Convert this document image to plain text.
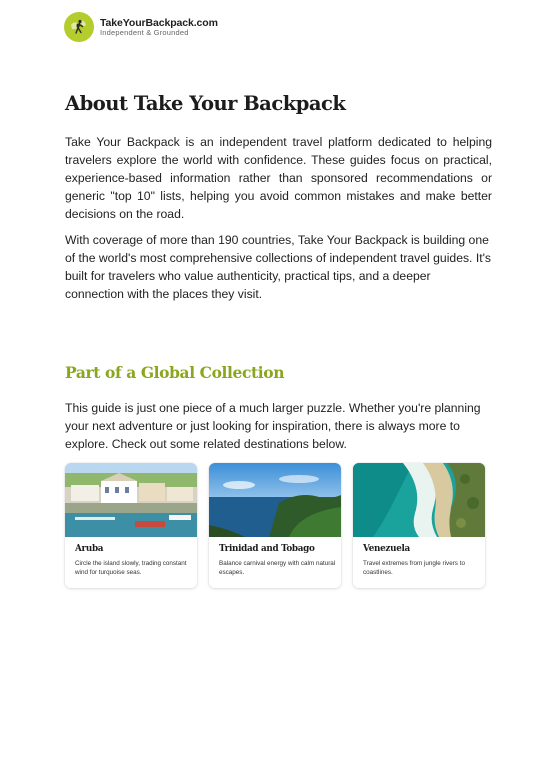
TakeYourBackpack.com
Independent & Grounded
About Take Your Backpack

Take Your Backpack is an independent travel platform dedicated to helping travelers explore the world with confidence. These guides focus on practical, experience-based information rather than sponsored recommendations or generic "top 10" lists, helping you avoid common mistakes and make better decisions on the road.

With coverage of more than 190 countries, Take Your Backpack is building one of the world's most comprehensive collections of independent travel guides. It's built for travelers who value authenticity, practical tips, and a deeper connection with the places they visit.

Part of a Global Collection

This guide is just one piece of a much larger puzzle. Whether you're planning your next adventure or just looking for inspiration, there is always more to explore. Check out some related destinations below.

Aruba
Circle the island slowly, trading constant wind for turquoise seas.
Trinidad and Tobago
Balance carnival energy with calm natural escapes.
Venezuela
Travel extremes from jungle rivers to coastlines.
